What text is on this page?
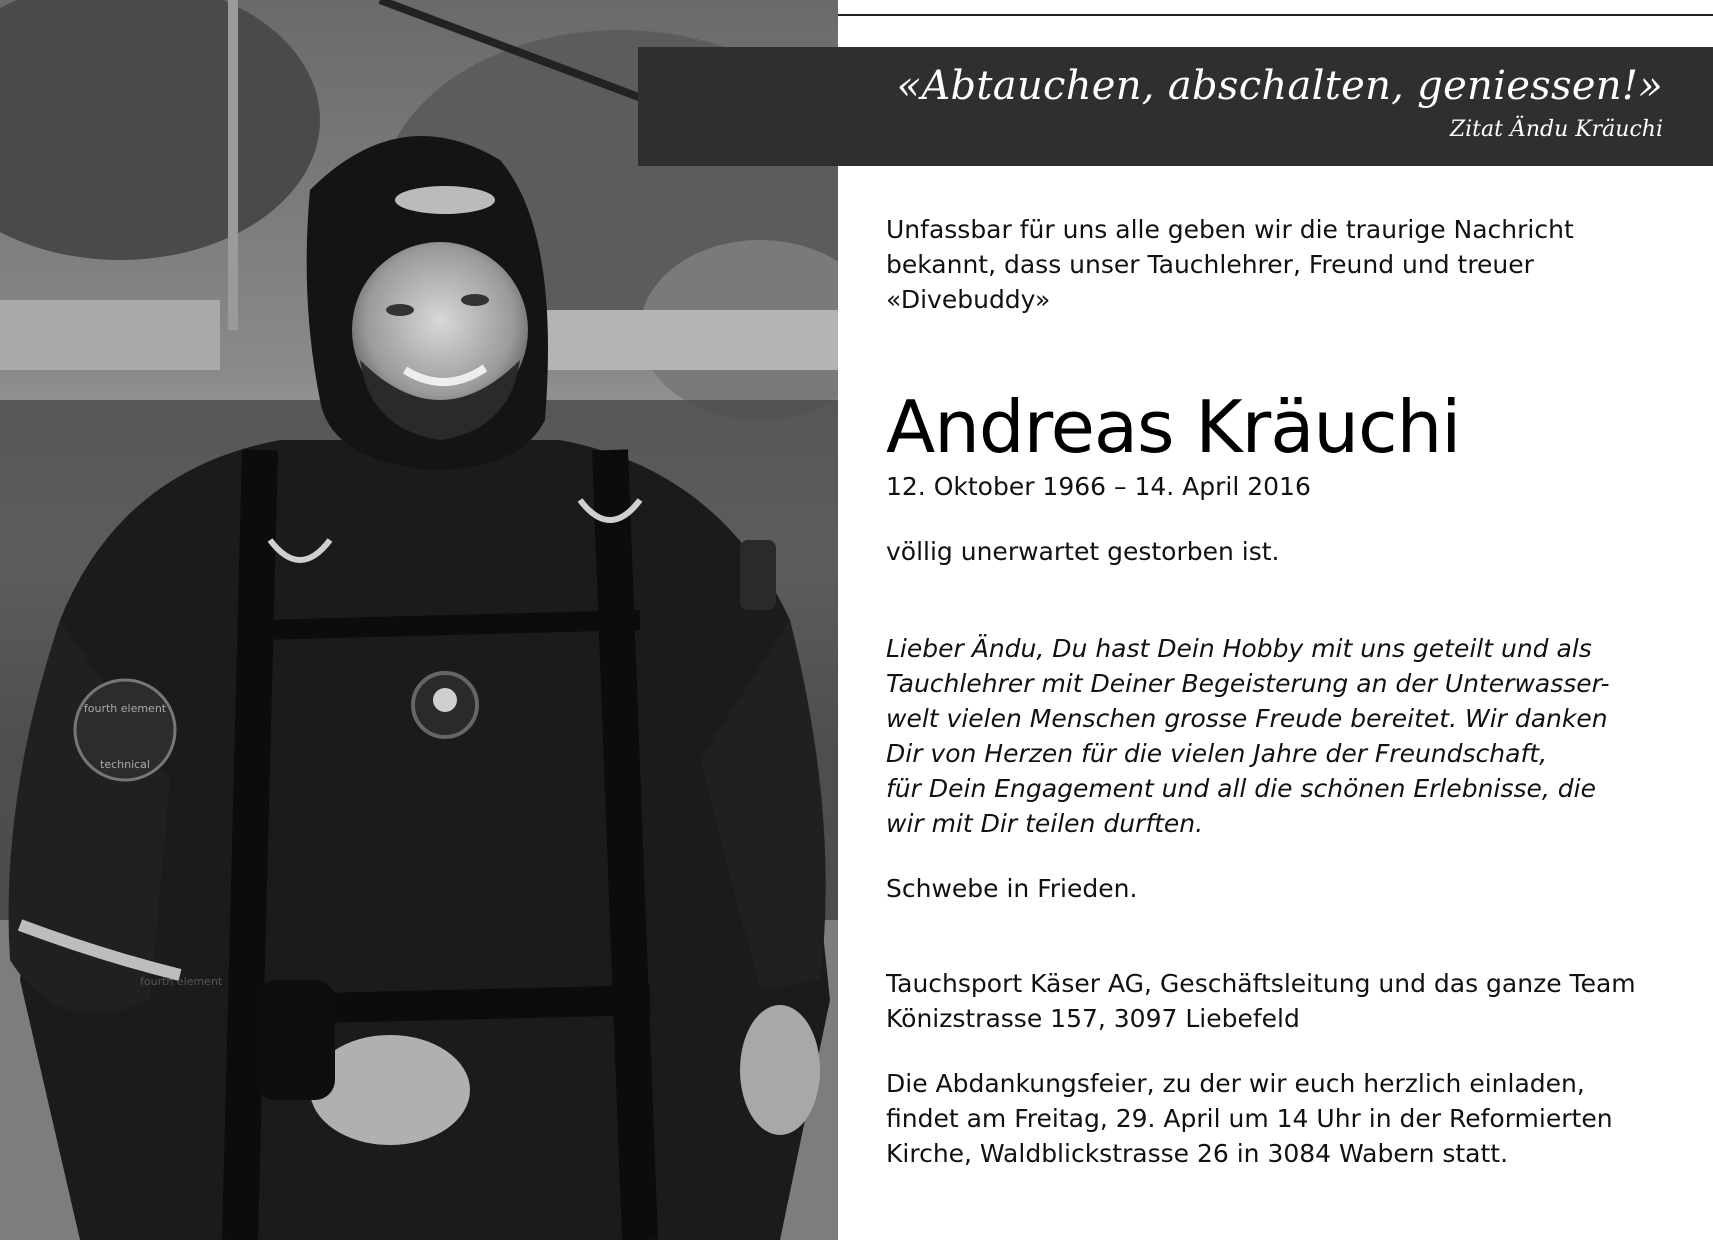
fourth element
technical
fourth element
«Abtauchen, abschalten, geniessen!»
Zitat Ändu Kräuchi

Unfassbar für uns alle geben wir die traurige Nachricht
bekannt, dass unser Tauchlehrer, Freund und treuer
«Divebuddy»

Andreas Kräuchi

12. Oktober 1966 – 14. April 2016

völlig unerwartet gestorben ist.

Lieber Ändu, Du hast Dein Hobby mit uns geteilt und als
Tauchlehrer mit Deiner Begeisterung an der Unterwasser-
welt vielen Menschen grosse Freude bereitet. Wir danken
Dir von Herzen für die vielen Jahre der Freundschaft,
für Dein Engagement und all die schönen Erlebnisse, die
wir mit Dir teilen durften.

Schwebe in Frieden.

Tauchsport Käser AG, Geschäftsleitung und das ganze Team
Könizstrasse 157, 3097 Liebefeld

Die Abdankungsfeier, zu der wir euch herzlich einladen,
findet am Freitag, 29. April um 14 Uhr in der Reformierten
Kirche, Waldblickstrasse 26 in 3084 Wabern statt.
